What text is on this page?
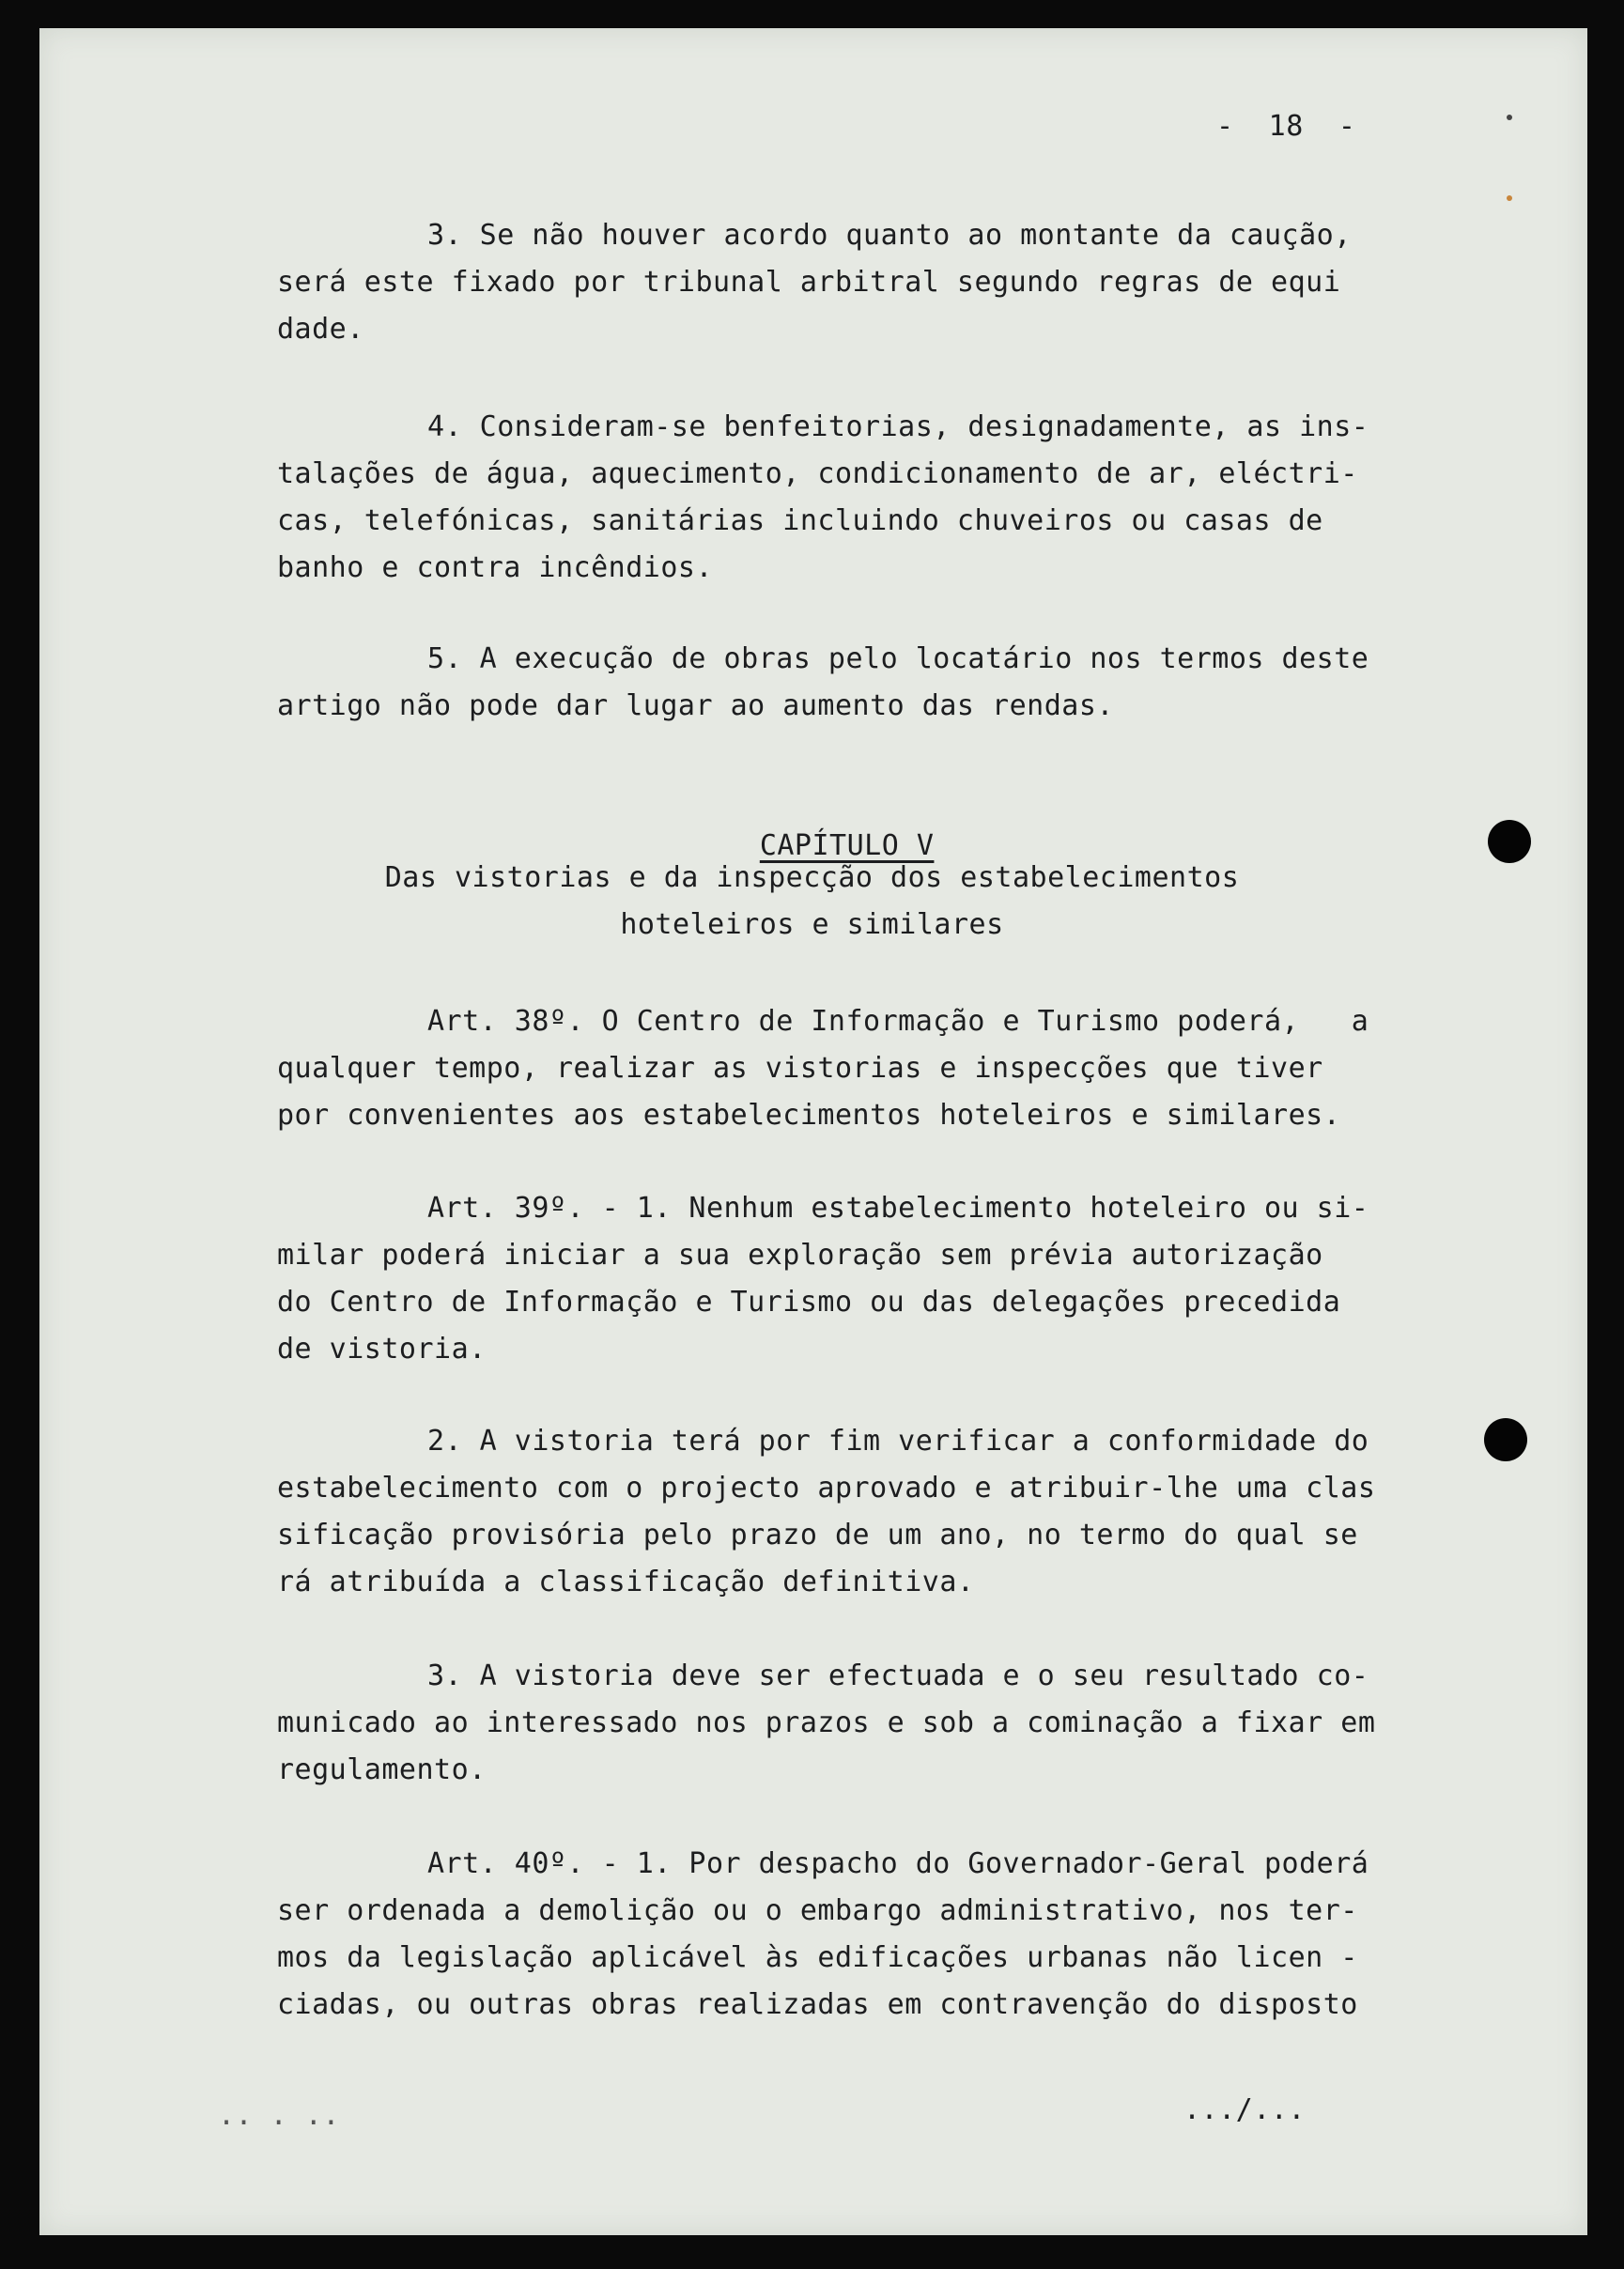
-  18  -
3. Se não houver acordo quanto ao montante da caução,
será este fixado por tribunal arbitral segundo regras de equi
dade.
4. Consideram-se benfeitorias, designadamente, as ins-
talações de água, aquecimento, condicionamento de ar, eléctri-
cas, telefónicas, sanitárias incluindo chuveiros ou casas de
banho e contra incêndios.
5. A execução de obras pelo locatário nos termos deste
artigo não pode dar lugar ao aumento das rendas.

CAPÍTULO V

Das vistorias e da inspecção dos estabelecimentos
hoteleiros e similares
Art. 38º. O Centro de Informação e Turismo poderá,   a
qualquer tempo, realizar as vistorias e inspecções que tiver
por convenientes aos estabelecimentos hoteleiros e similares.
Art. 39º. - 1. Nenhum estabelecimento hoteleiro ou si-
milar poderá iniciar a sua exploração sem prévia autorização
do Centro de Informação e Turismo ou das delegações precedida
de vistoria.
2. A vistoria terá por fim verificar a conformidade do
estabelecimento com o projecto aprovado e atribuir-lhe uma clas
sificação provisória pelo prazo de um ano, no termo do qual se
rá atribuída a classificação definitiva.
3. A vistoria deve ser efectuada e o seu resultado co-
municado ao interessado nos prazos e sob a cominação a fixar em
regulamento.
Art. 40º. - 1. Por despacho do Governador-Geral poderá
ser ordenada a demolição ou o embargo administrativo, nos ter-
mos da legislação aplicável às edificações urbanas não licen -
ciadas, ou outras obras realizadas em contravenção do disposto
.. . ..	.../...
